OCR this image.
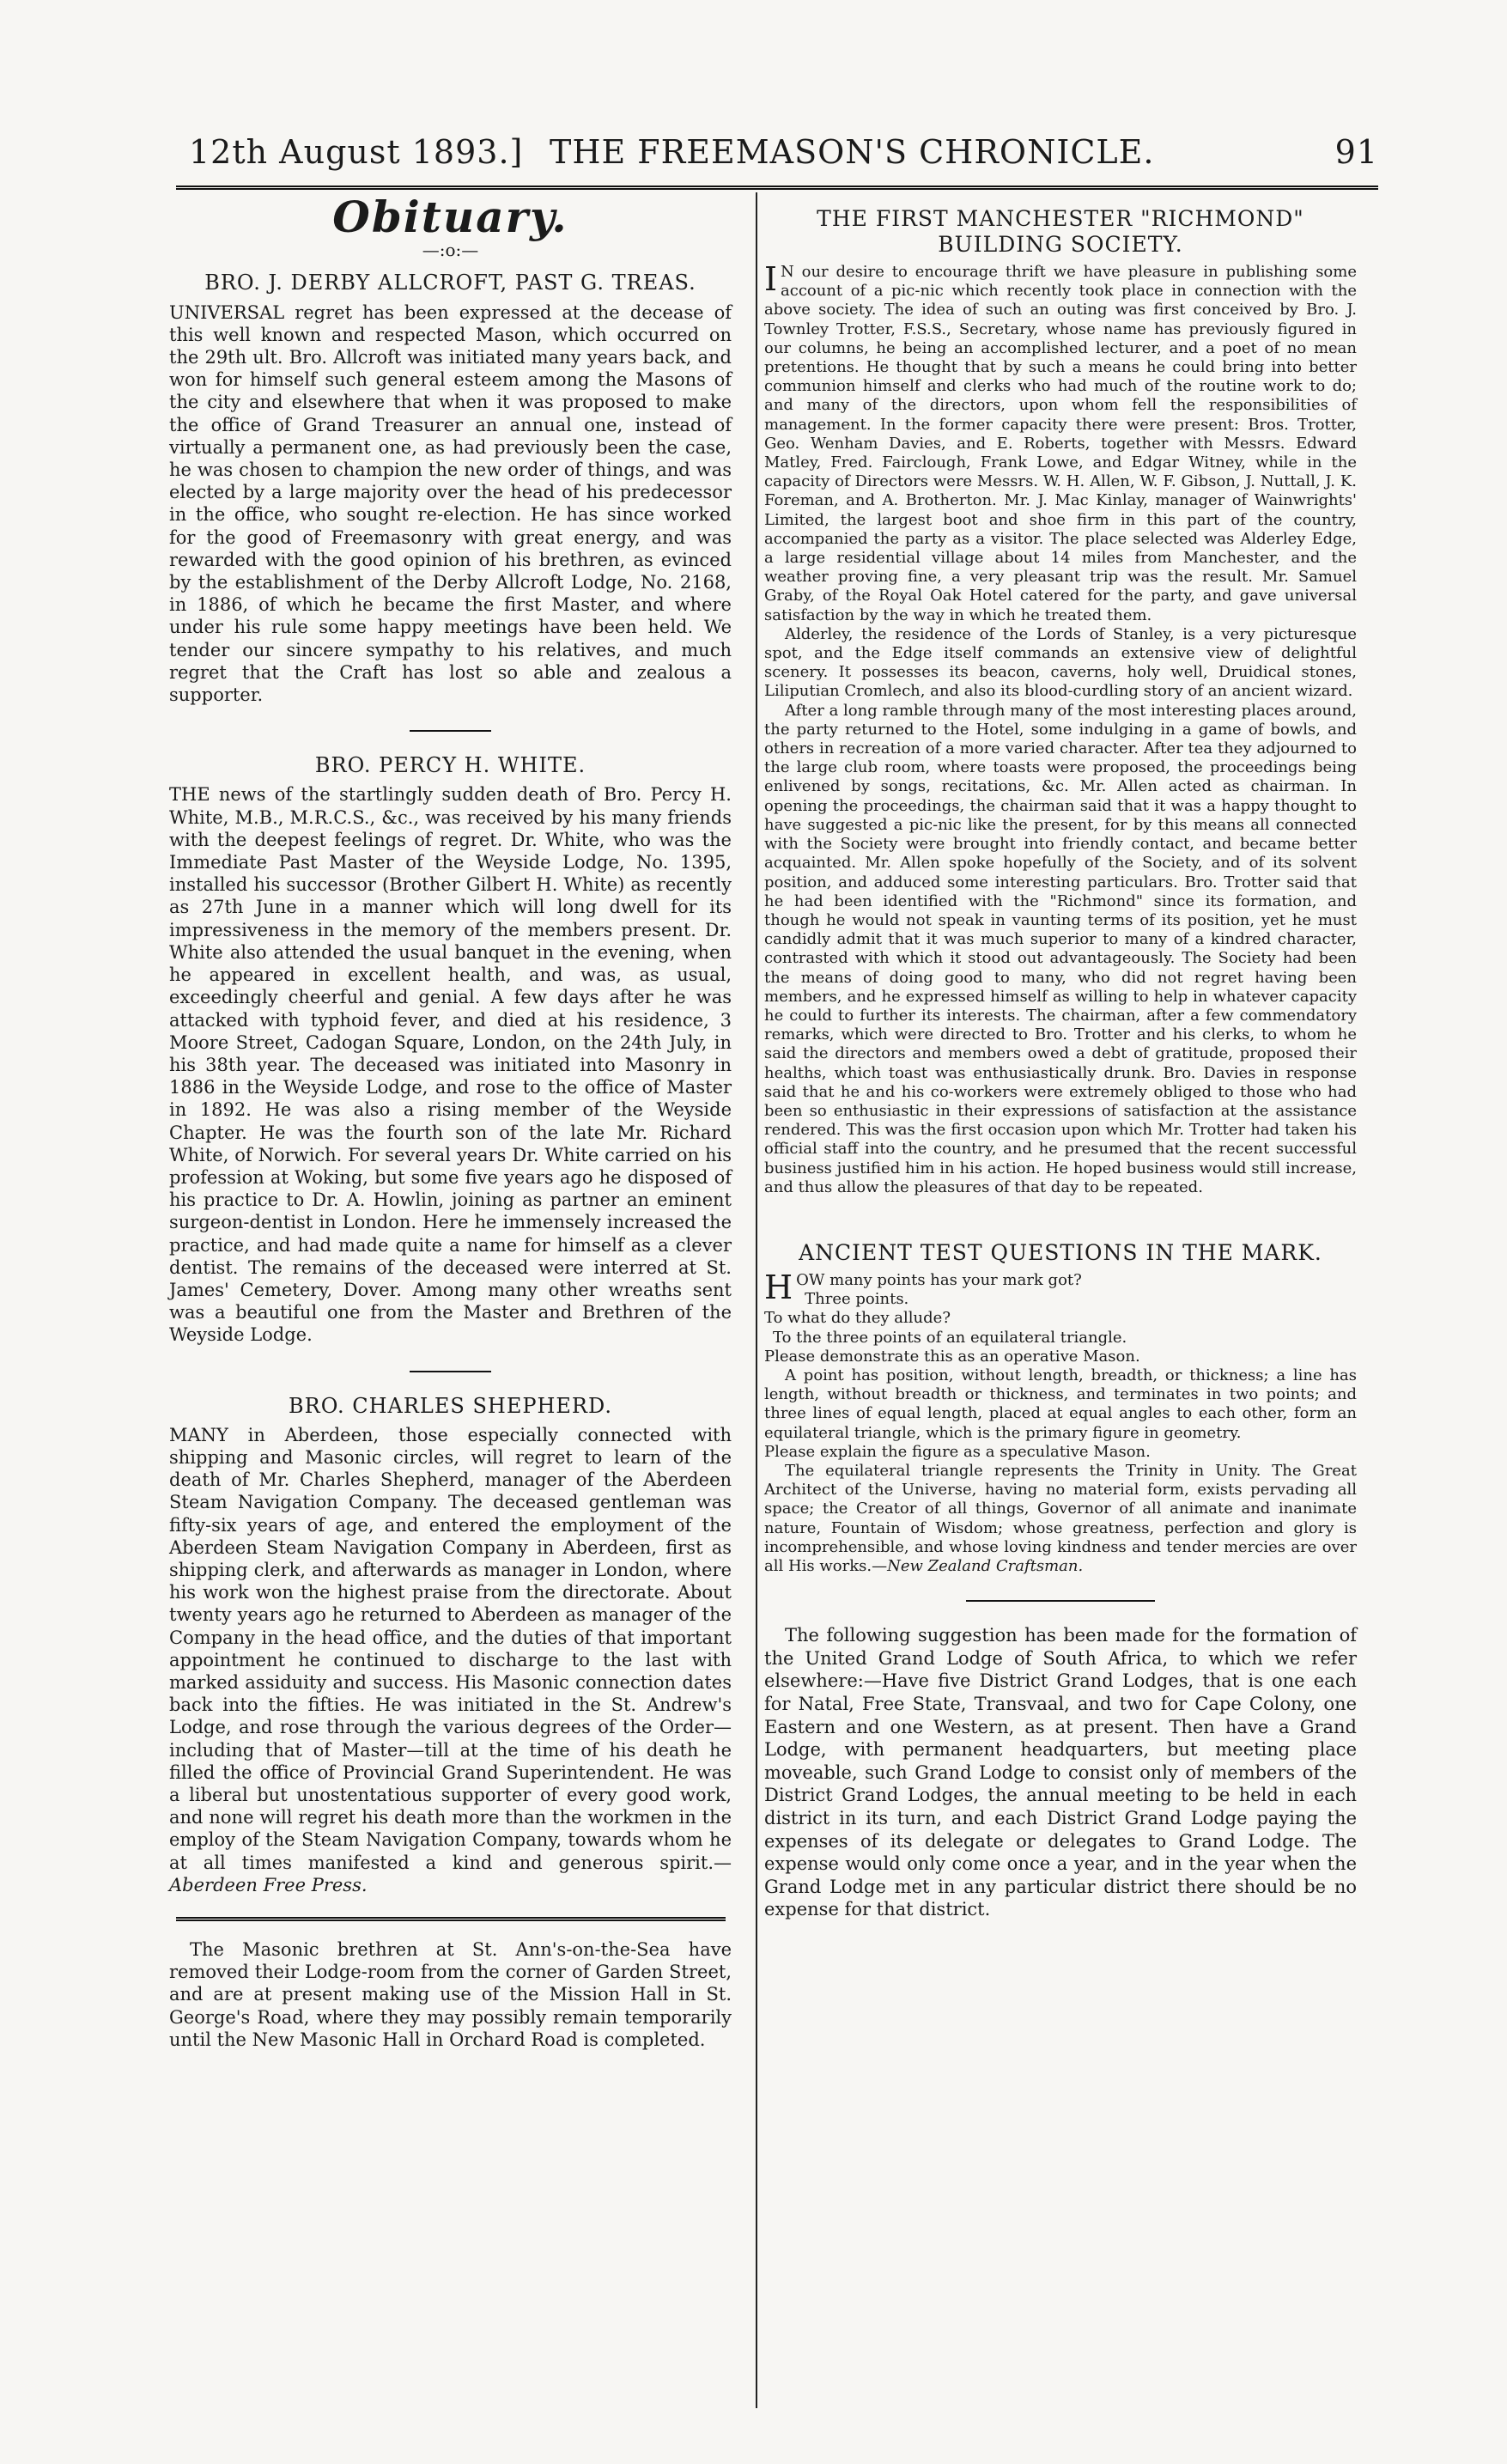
12th August 1893.] THE FREEMASON'S CHRONICLE.	91
Obituary.
—:o:—
BRO. J. DERBY ALLCROFT, PAST G. TREAS.

UNIVERSAL regret has been expressed at the decease of this well known and respected Mason, which occurred on the 29th ult. Bro. Allcroft was initiated many years back, and won for himself such general esteem among the Masons of the city and elsewhere that when it was proposed to make the office of Grand Treasurer an annual one, instead of virtually a permanent one, as had previously been the case, he was chosen to champion the new order of things, and was elected by a large majority over the head of his predecessor in the office, who sought re-election. He has since worked for the good of Freemasonry with great energy, and was rewarded with the good opinion of his brethren, as evinced by the establishment of the Derby Allcroft Lodge, No. 2168, in 1886, of which he became the first Master, and where under his rule some happy meetings have been held. We tender our sincere sympathy to his relatives, and much regret that the Craft has lost so able and zealous a supporter.

BRO. PERCY H. WHITE.

THE news of the startlingly sudden death of Bro. Percy H. White, M.B., M.R.C.S., &c., was received by his many friends with the deepest feelings of regret. Dr. White, who was the Immediate Past Master of the Weyside Lodge, No. 1395, installed his successor (Brother Gilbert H. White) as recently as 27th June in a manner which will long dwell for its impressiveness in the memory of the members present. Dr. White also attended the usual banquet in the evening, when he appeared in excellent health, and was, as usual, exceedingly cheerful and genial. A few days after he was attacked with typhoid fever, and died at his residence, 3 Moore Street, Cadogan Square, London, on the 24th July, in his 38th year. The deceased was initiated into Masonry in 1886 in the Weyside Lodge, and rose to the office of Master in 1892. He was also a rising member of the Weyside Chapter. He was the fourth son of the late Mr. Richard White, of Norwich. For several years Dr. White carried on his profession at Woking, but some five years ago he disposed of his practice to Dr. A. Howlin, joining as partner an eminent surgeon-dentist in London. Here he immensely increased the practice, and had made quite a name for himself as a clever dentist. The remains of the deceased were interred at St. James' Cemetery, Dover. Among many other wreaths sent was a beautiful one from the Master and Brethren of the Weyside Lodge.

BRO. CHARLES SHEPHERD.

MANY in Aberdeen, those especially connected with shipping and Masonic circles, will regret to learn of the death of Mr. Charles Shepherd, manager of the Aberdeen Steam Navigation Company. The deceased gentleman was fifty-six years of age, and entered the employment of the Aberdeen Steam Navigation Company in Aberdeen, first as shipping clerk, and afterwards as manager in London, where his work won the highest praise from the directorate. About twenty years ago he returned to Aberdeen as manager of the Company in the head office, and the duties of that important appointment he continued to discharge to the last with marked assiduity and success. His Masonic connection dates back into the fifties. He was initiated in the St. Andrew's Lodge, and rose through the various degrees of the Order—including that of Master—till at the time of his death he filled the office of Provincial Grand Superintendent. He was a liberal but unostentatious supporter of every good work, and none will regret his death more than the workmen in the employ of the Steam Navigation Company, towards whom he at all times manifested a kind and generous spirit.—Aberdeen Free Press.

The Masonic brethren at St. Ann's-on-the-Sea have removed their Lodge-room from the corner of Garden Street, and are at present making use of the Mission Hall in St. George's Road, where they may possibly remain temporarily until the New Masonic Hall in Orchard Road is completed.

THE FIRST MANCHESTER "RICHMOND" BUILDING SOCIETY.

I N our desire to encourage thrift we have pleasure in publishing some account of a pic-nic which recently took place in connection with the above society. The idea of such an outing was first conceived by Bro. J. Townley Trotter, F.S.S., Secretary, whose name has previously figured in our columns, he being an accomplished lecturer, and a poet of no mean pretentions. He thought that by such a means he could bring into better communion himself and clerks who had much of the routine work to do; and many of the directors, upon whom fell the responsibilities of management. In the former capacity there were present: Bros. Trotter, Geo. Wenham Davies, and E. Roberts, together with Messrs. Edward Matley, Fred. Fairclough, Frank Lowe, and Edgar Witney, while in the capacity of Directors were Messrs. W. H. Allen, W. F. Gibson, J. Nuttall, J. K. Foreman, and A. Brotherton. Mr. J. Mac Kinlay, manager of Wainwrights' Limited, the largest boot and shoe firm in this part of the country, accompanied the party as a visitor. The place selected was Alderley Edge, a large residential village about 14 miles from Manchester, and the weather proving fine, a very pleasant trip was the result. Mr. Samuel Graby, of the Royal Oak Hotel catered for the party, and gave universal satisfaction by the way in which he treated them.

Alderley, the residence of the Lords of Stanley, is a very picturesque spot, and the Edge itself commands an extensive view of delightful scenery. It possesses its beacon, caverns, holy well, Druidical stones, Liliputian Cromlech, and also its blood-curdling story of an ancient wizard.

After a long ramble through many of the most interesting places around, the party returned to the Hotel, some indulging in a game of bowls, and others in recreation of a more varied character. After tea they adjourned to the large club room, where toasts were proposed, the proceedings being enlivened by songs, recitations, &c. Mr. Allen acted as chairman. In opening the proceedings, the chairman said that it was a happy thought to have suggested a pic-nic like the present, for by this means all connected with the Society were brought into friendly contact, and became better acquainted. Mr. Allen spoke hopefully of the Society, and of its solvent position, and adduced some interesting particulars. Bro. Trotter said that he had been identified with the "Richmond" since its formation, and though he would not speak in vaunting terms of its position, yet he must candidly admit that it was much superior to many of a kindred character, contrasted with which it stood out advantageously. The Society had been the means of doing good to many, who did not regret having been members, and he expressed himself as willing to help in whatever capacity he could to further its interests. The chairman, after a few commendatory remarks, which were directed to Bro. Trotter and his clerks, to whom he said the directors and members owed a debt of gratitude, proposed their healths, which toast was enthusiastically drunk. Bro. Davies in response said that he and his co-workers were extremely obliged to those who had been so enthusiastic in their expressions of satisfaction at the assistance rendered. This was the first occasion upon which Mr. Trotter had taken his official staff into the country, and he presumed that the recent successful business justified him in his action. He hoped business would still increase, and thus allow the pleasures of that day to be repeated.

ANCIENT TEST QUESTIONS IN THE MARK.

HOW many points has your mark got?

Three points.

To what do they allude?

To the three points of an equilateral triangle.

Please demonstrate this as an operative Mason.

A point has position, without length, breadth, or thickness; a line has length, without breadth or thickness, and terminates in two points; and three lines of equal length, placed at equal angles to each other, form an equilateral triangle, which is the primary figure in geometry.

Please explain the figure as a speculative Mason.

The equilateral triangle represents the Trinity in Unity. The Great Architect of the Universe, having no material form, exists pervading all space; the Creator of all things, Governor of all animate and inanimate nature, Fountain of Wisdom; whose greatness, perfection and glory is incomprehensible, and whose loving kindness and tender mercies are over all His works.—New Zealand Craftsman.

The following suggestion has been made for the formation of the United Grand Lodge of South Africa, to which we refer elsewhere:—Have five District Grand Lodges, that is one each for Natal, Free State, Transvaal, and two for Cape Colony, one Eastern and one Western, as at present. Then have a Grand Lodge, with permanent headquarters, but meeting place moveable, such Grand Lodge to consist only of members of the District Grand Lodges, the annual meeting to be held in each district in its turn, and each District Grand Lodge paying the expenses of its delegate or delegates to Grand Lodge. The expense would only come once a year, and in the year when the Grand Lodge met in any particular district there should be no expense for that district.
